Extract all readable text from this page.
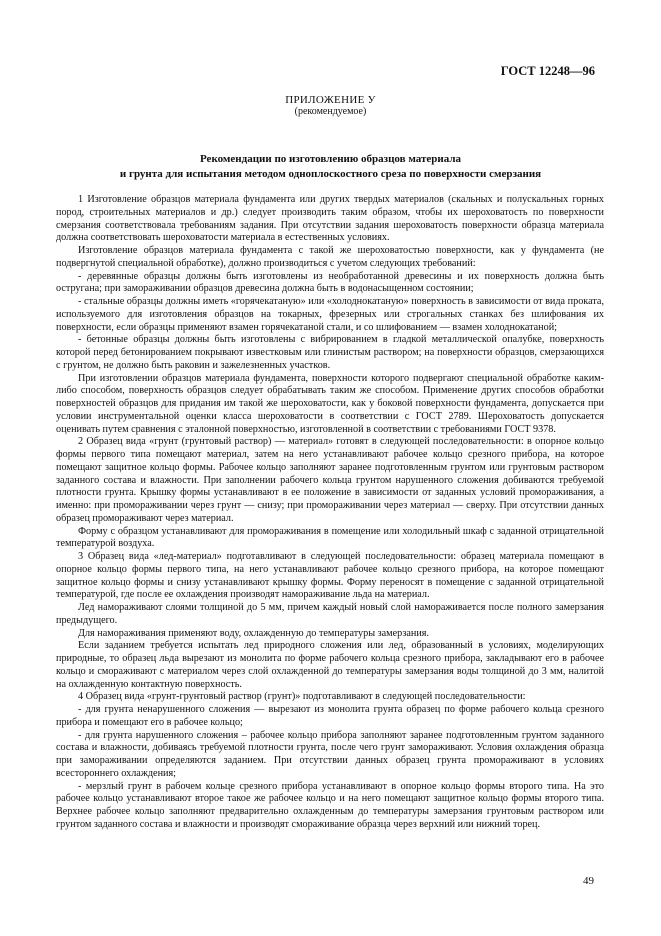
ГОСТ 12248—96
ПРИЛОЖЕНИЕ У
(рекомендуемое)
Рекомендации по изготовлению образцов материала
и грунта для испытания методом одноплоскостного среза по поверхности смерзания

1 Изготовление образцов материала фундамента или других твердых материалов (скальных и полускальных горных пород, строительных материалов и др.) следует производить таким образом, чтобы их шероховатость по поверхности смерзания соответствовала требованиям задания. При отсутствии задания шероховатость поверхности образца материала должна соответствовать шероховатости материала в естественных условиях.

Изготовление образцов материала фундамента с такой же шероховатостью поверхности, как у фундамента (не подвергнутой специальной обработке), должно производиться с учетом следующих требований:

- деревянные образцы должны быть изготовлены из необработанной древесины и их поверхность должна быть оструганa; при замораживании образцов древесина должна быть в водонасыщенном состоянии;

- стальные образцы должны иметь «горячекатаную» или «холоднокатаную» поверхность в зависимости от вида проката, используемого для изготовления образцов на токарных, фрезерных или строгальных станках без шлифования их поверхности, если образцы применяют взамен горячекатаной стали, и со шлифованием — взамен холоднокатаной;

- бетонные образцы должны быть изготовлены с вибрированием в гладкой металлической опалубке, поверхность которой перед бетонированием покрывают известковым или глинистым раствором; на поверхности образцов, смерзающихся с грунтом, не должно быть раковин и зажелезненных участков.

При изготовлении образцов материала фундамента, поверхности которого подвергают специальной обработке каким-либо способом, поверхность образцов следует обрабатывать таким же способом. Применение других способов обработки поверхностей образцов для придания им такой же шероховатости, как у боковой поверхности фундамента, допускается при условии инструментальной оценки класса шероховатости в соответствии с ГОСТ 2789. Шероховатость допускается оценивать путем сравнения с эталонной поверхностью, изготовленной в соответствии с требованиями ГОСТ 9378.

2 Образец вида «грунт (грунтовый раствор) — материал» готовят в следующей последовательности: в опорное кольцо формы первого типа помещают материал, затем на него устанавливают рабочее кольцо срезного прибора, на которое помещают защитное кольцо формы. Рабочее кольцо заполняют заранее подготовленным грунтом или грунтовым раствором заданного состава и влажности. При заполнении рабочего кольца грунтом нарушенного сложения добиваются требуемой плотности грунта. Крышку формы устанавливают в ее положение в зависимости от заданных условий промораживания, а именно: при промораживании через грунт — снизу; при промораживании через материал — сверху. При отсутствии данных образец промораживают через материал.

Форму с образцом устанавливают для промораживания в помещение или холодильный шкаф с заданной отрицательной температурой воздуха.

3 Образец вида «лед-материал» подготавливают в следующей последовательности: образец материала помещают в опорное кольцо формы первого типа, на него устанавливают рабочее кольцо срезного прибора, на которое помещают защитное кольцо формы и снизу устанавливают крышку формы. Форму переносят в помещение с заданной отрицательной температурой, где после ее охлаждения производят намораживание льда на материал.

Лед намораживают слоями толщиной до 5 мм, причем каждый новый слой намораживается после полного замерзания предыдущего.

Для намораживания применяют воду, охлажденную до температуры замерзания.

Если заданием требуется испытать лед природного сложения или лед, образованный в условиях, моделирующих природные, то образец льда вырезают из монолита по форме рабочего кольца срезного прибора, закладывают его в рабочее кольцо и смораживают с материалом через слой охлажденной до температуры замерзания воды толщиной до 3 мм, налитой на охлажденную контактную поверхность.

4 Образец вида «грунт-грунтовый раствор (грунт)» подготавливают в следующей последовательности:

- для грунта ненарушенного сложения — вырезают из монолита грунта образец по форме рабочего кольца срезного прибора и помещают его в рабочее кольцо;

- для грунта нарушенного сложения – рабочее кольцо прибора заполняют заранее подготовленным грунтом заданного состава и влажности, добиваясь требуемой плотности грунта, после чего грунт замораживают. Условия охлаждения образца при замораживании определяются заданием. При отсутствии данных образец грунта промораживают в условиях всестороннего охлаждения;

- мерзлый грунт в рабочем кольце срезного прибора устанавливают в опорное кольцо формы второго типа. На это рабочее кольцо устанавливают второе такое же рабочее кольцо и на него помещают защитное кольцо формы второго типа. Верхнее рабочее кольцо заполняют предварительно охлажденным до температуры замерзания грунтовым раствором или грунтом заданного состава и влажности и производят смораживание образца через верхний или нижний торец.

49
